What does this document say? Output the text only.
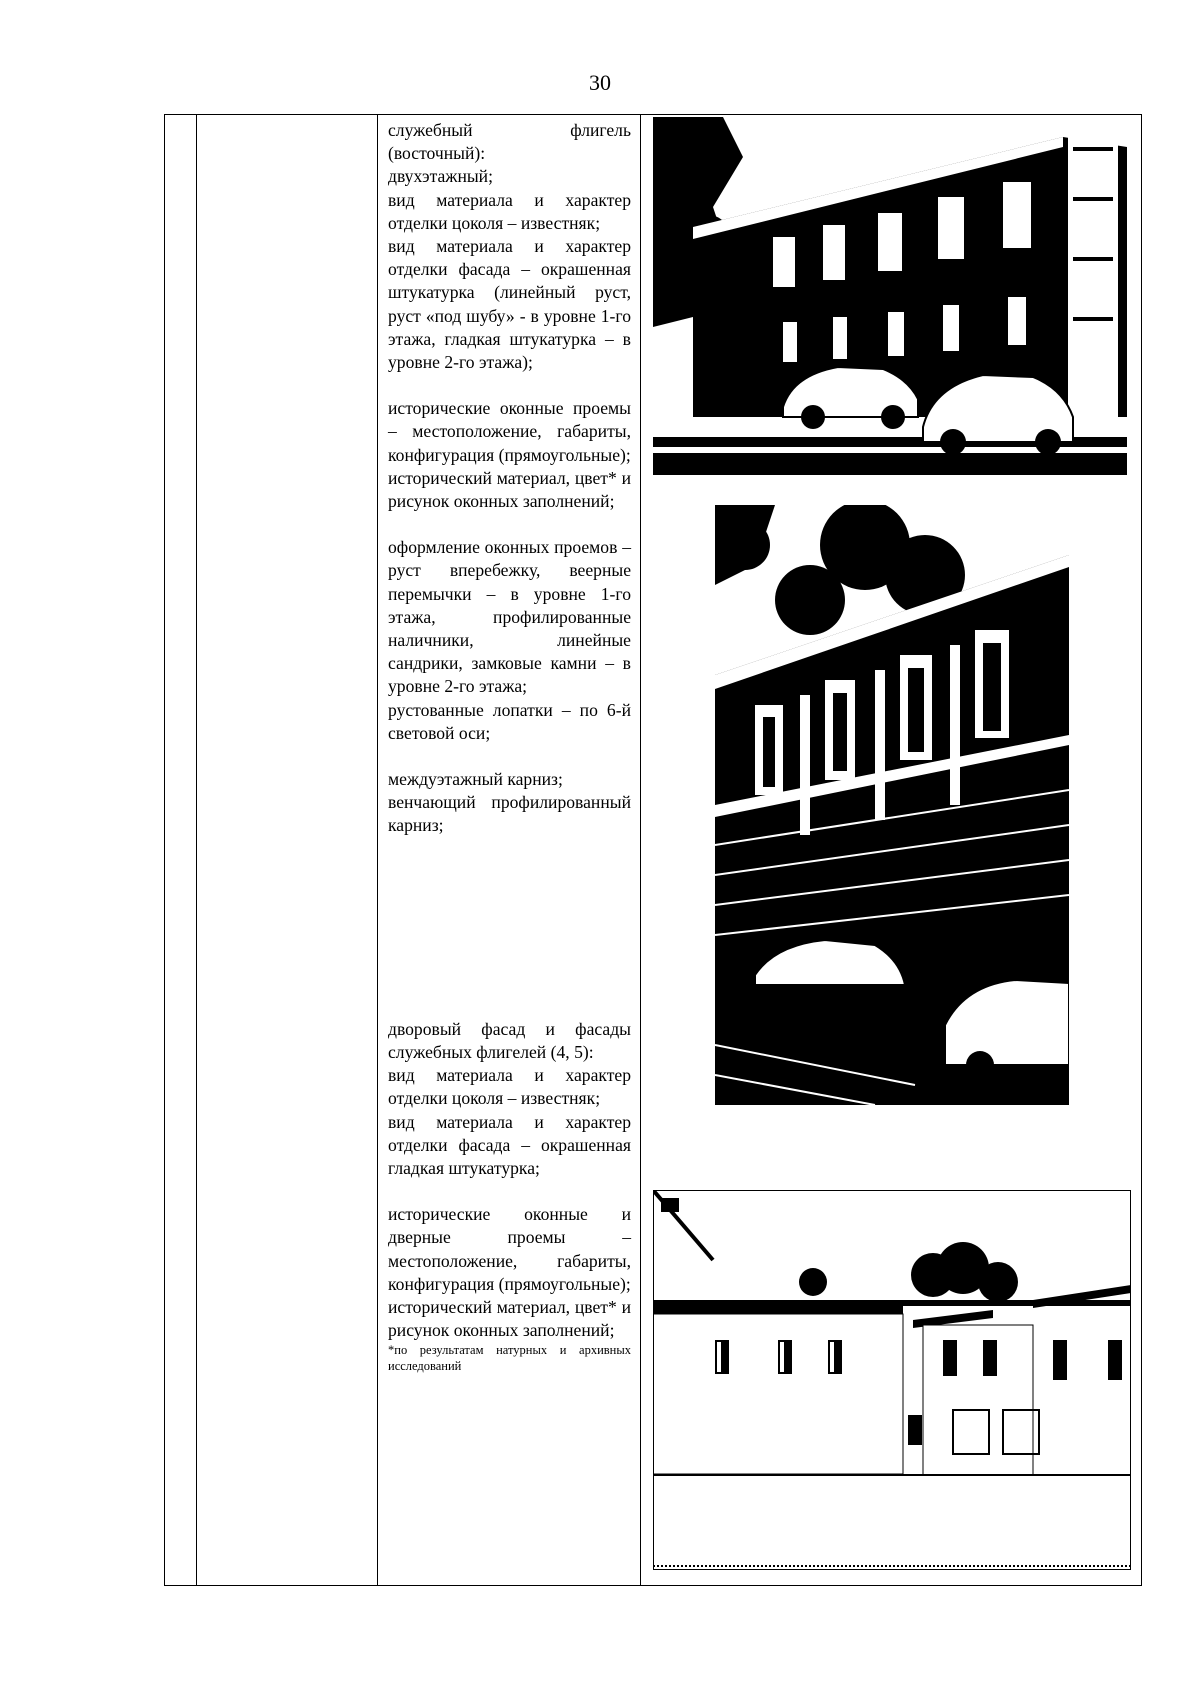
30

служебный флигель (восточный):

двухэтажный;

вид материала и характер отделки цоколя – известняк;

вид материала и характер отделки фасада – окрашенная штукатурка (линейный руст, руст «под шубу» - в уровне 1-го этажа, гладкая штукатурка – в уровне 2-го этажа);

исторические оконные проемы – местоположение, габариты, конфигурация (прямоугольные);

исторический материал, цвет* и рисунок оконных заполнений;

оформление оконных проемов – руст вперебежку, веерные перемычки – в уровне 1-го этажа, профилированные наличники, линейные сандрики, замковые камни – в уровне 2-го этажа;

рустованные лопатки – по 6-й световой оси;

междуэтажный карниз;

венчающий профилированный карниз;

дворовый фасад и фасады служебных флигелей (4, 5):

вид материала и характер отделки цоколя – известняк;

вид материала и характер отделки фасада – окрашенная гладкая штукатурка;

исторические оконные и дверные проемы – местоположение, габариты, конфигурация (прямоугольные);

исторический материал, цвет* и рисунок оконных заполнений;

*по результатам натурных и архивных исследований
